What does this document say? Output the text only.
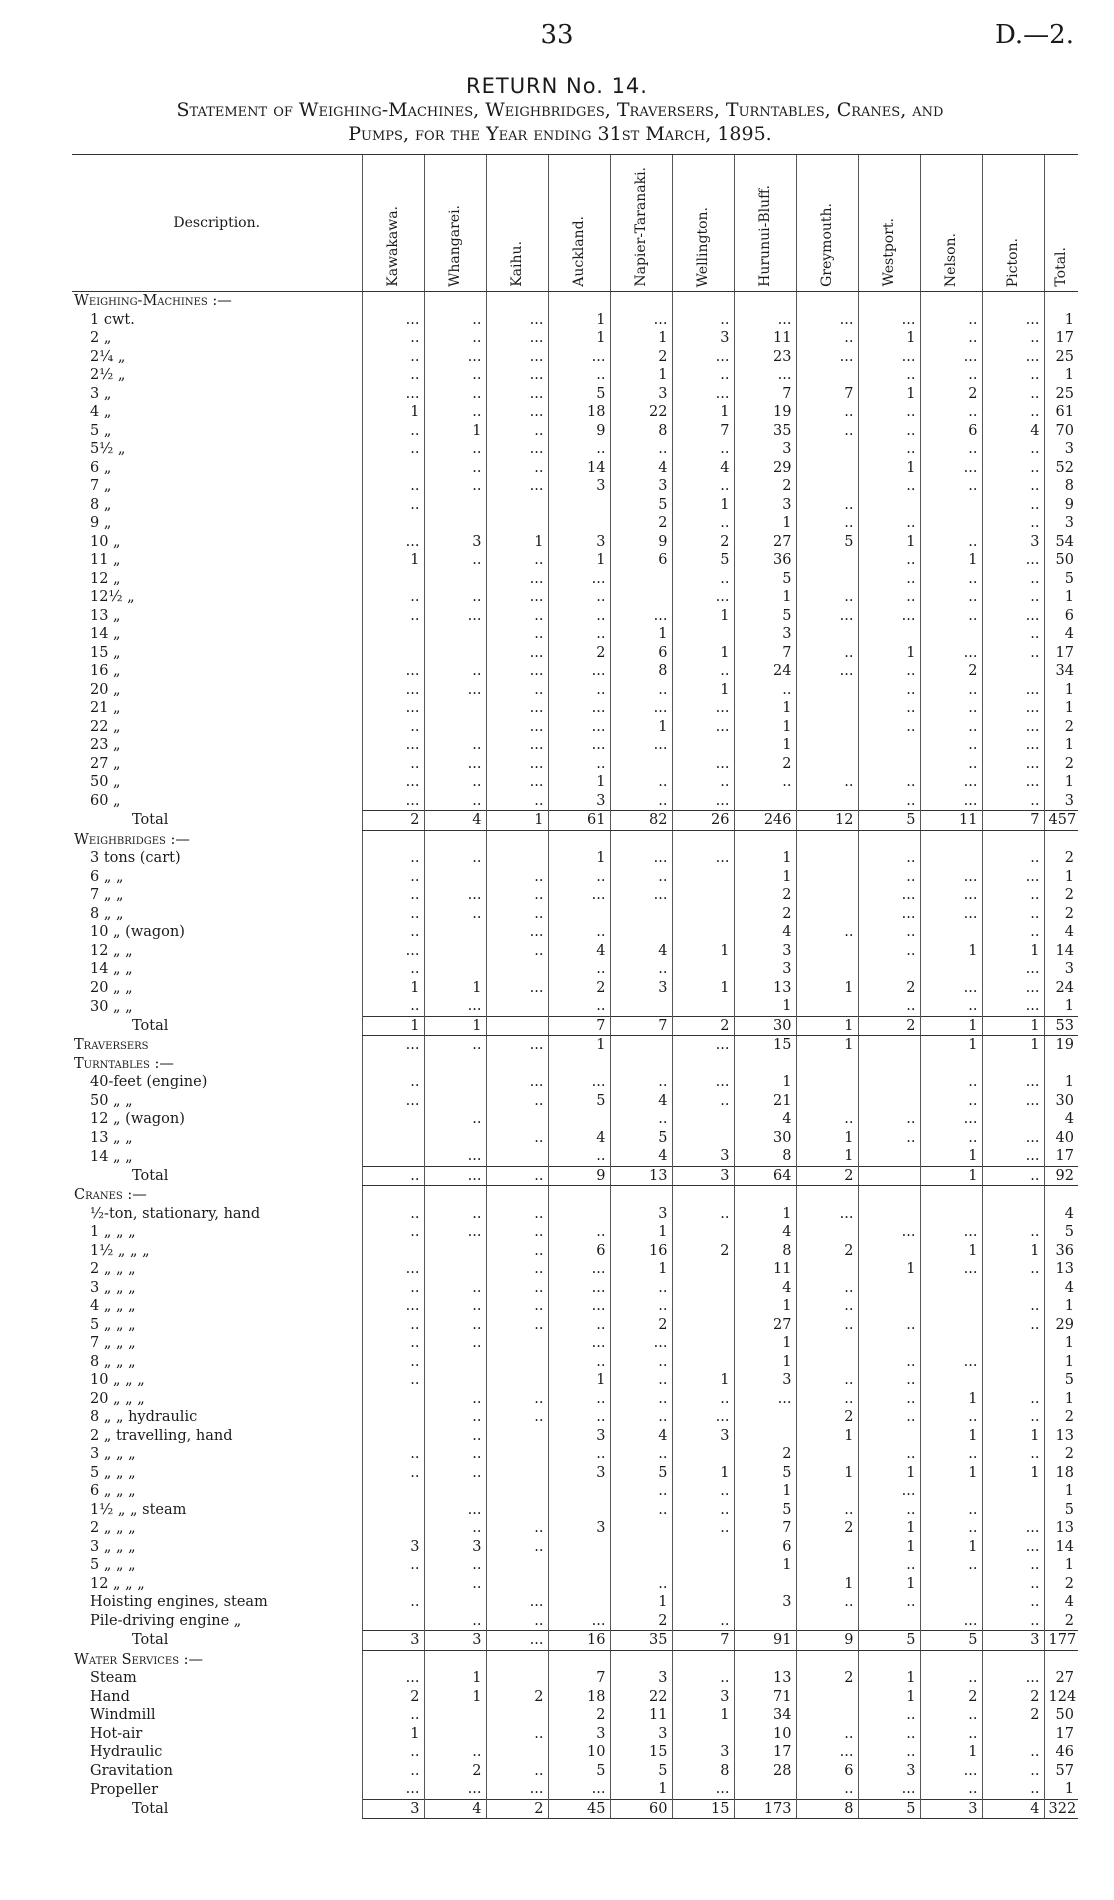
33	D.—2.
RETURN No. 14.
Statement of Weighing-Machines, Weighbridges, Traversers, Turntables, Cranes, and
Pumps, for the Year ending 31st March, 1895.
Description.	Kawakawa.	Whangarei.	Kaihu.	Auckland.	Napier-Taranaki.	Wellington.	Hurunui-Bluff.	Greymouth.	Westport.	Nelson.	Picton.	Total.
Weighing-Machines :—												
1 cwt.	...	..	...	1	...	..	...	...	...	..	...	1
2 „	..	..	...	1	1	3	11	..	1	..	..	17
2¼ „	..	...	...	...	2	...	23	...	...	...	...	25
2½ „	..	..	...	..	1	..	...		..	..	..	1
3 „	...	..	...	5	3	...	7	7	1	2	..	25
4 „	1	..	...	18	22	1	19	..	..	..	..	61
5 „	..	1	..	9	8	7	35	..	..	6	4	70
5½ „	..	..	...	..	..	..	3		..	..	..	3
6 „		..	..	14	4	4	29		1	...	..	52
7 „	..	..	...	3	3	..	2		..	..	..	8
8 „	..				5	1	3	..			..	9
9 „					2	..	1	..	..		..	3
10 „	...	3	1	3	9	2	27	5	1	..	3	54
11 „	1	..	..	1	6	5	36		..	1	...	50
12 „			...	...		..	5		..	..	..	5
12½ „	..	..	...	..		...	1	..	..	..	..	1
13 „	..	...	..	..	...	1	5	...	...	..	...	6
14 „			..	..	1		3				..	4
15 „			...	2	6	1	7	..	1	...	..	17
16 „	...	..	...	...	8	..	24	...	..	2		34
20 „	...	...	..	..	..	1	..		..	..	...	1
21 „	...		...	...	...	...	1		..	..	...	1
22 „	..		...	...	1	...	1		..	..	...	2
23 „	...	..	...	...	...		1			..	...	1
27 „	..	...	...	..		...	2			..	...	2
50 „	...	..	...	1	..	..	..	..	..	...	...	1
60 „	...	..	..	3	..	...			..	...	..	3
Total	2	4	1	61	82	26	246	12	5	11	7	457
Weighbridges :—												
3 tons (cart)	..	..		1	...	...	1		..		..	2
6 „ „	..		..	..	..		1		..	...	...	1
7 „ „	..	...	..	...	...		2		...	...	..	2
8 „ „	..	..	..				2		...	...	..	2
10 „ (wagon)	..		...	..			4	..	..		..	4
12 „ „	...		..	4	4	1	3		..	1	1	14
14 „ „	..			..	..		3				...	3
20 „ „	1	1	...	2	3	1	13	1	2	...	...	24
30 „ „	..	...		..			1		..	..	...	1
Total	1	1		7	7	2	30	1	2	1	1	53
Traversers	...	..	...	1		...	15	1		1	1	19
Turntables :—												
40-feet (engine)	..		...	...	..	...	1			..	...	1
50 „ „	...		..	5	4	..	21			..	...	30
12 „ (wagon)		..			..		4	..	..	...		4
13 „ „			..	4	5		30	1	..	..	...	40
14 „ „		...		..	4	3	8	1		1	...	17
Total	..	...	..	9	13	3	64	2		1	..	92
Cranes :—												
½-ton, stationary, hand	..	..	..		3	..	1	...				4
1 „ „ „	..	...	..	..	1		4		...	...	..	5
1½ „ „ „			..	6	16	2	8	2		1	1	36
2 „ „ „	...		..	...	1		11		1	...	..	13
3 „ „ „	..	..	..	...	..		4	..				4
4 „ „ „	...	..	..	...	..		1	..			..	1
5 „ „ „	..	..	..	..	2		27	..	..		..	29
7 „ „ „	..	..		...	...		1					1
8 „ „ „	..			..	..		1		..	...		1
10 „ „ „	..			1	..	1	3	..	..			5
20 „ „ „		..	..	..	..	..	...	..	..	1	..	1
8 „ „ hydraulic		..	..	..	..	...		2	..	..	..	2
2 „ travelling, hand		..		3	4	3		1		1	1	13
3 „ „ „	..	..		..	..		2		..	..	..	2
5 „ „ „	..	..		3	5	1	5	1	1	1	1	18
6 „ „ „					..	..	1		...			1
1½ „ „ steam		...			..	..	5	..	..	..		5
2 „ „ „		..	..	3		..	7	2	1	..	...	13
3 „ „ „	3	3	..				6		1	1	...	14
5 „ „ „	..	..					1		..	..	..	1
12 „ „ „		..			..			1	1		..	2
Hoisting engines, steam	..		...		1		3	..	..		..	4
Pile-driving engine „		..	..	...	2	..				...	..	2
Total	3	3	...	16	35	7	91	9	5	5	3	177
Water Services :—												
Steam	...	1		7	3	..	13	2	1	..	...	27
Hand	2	1	2	18	22	3	71		1	2	2	124
Windmill	..			2	11	1	34		..	..	2	50
Hot-air	1		..	3	3		10	..	..	..		17
Hydraulic	..	..		10	15	3	17	...	..	1	..	46
Gravitation	..	2	..	5	5	8	28	6	3	...	..	57
Propeller	...	...	...	...	1	...		..	...	..	..	1
Total	3	4	2	45	60	15	173	8	5	3	4	322
